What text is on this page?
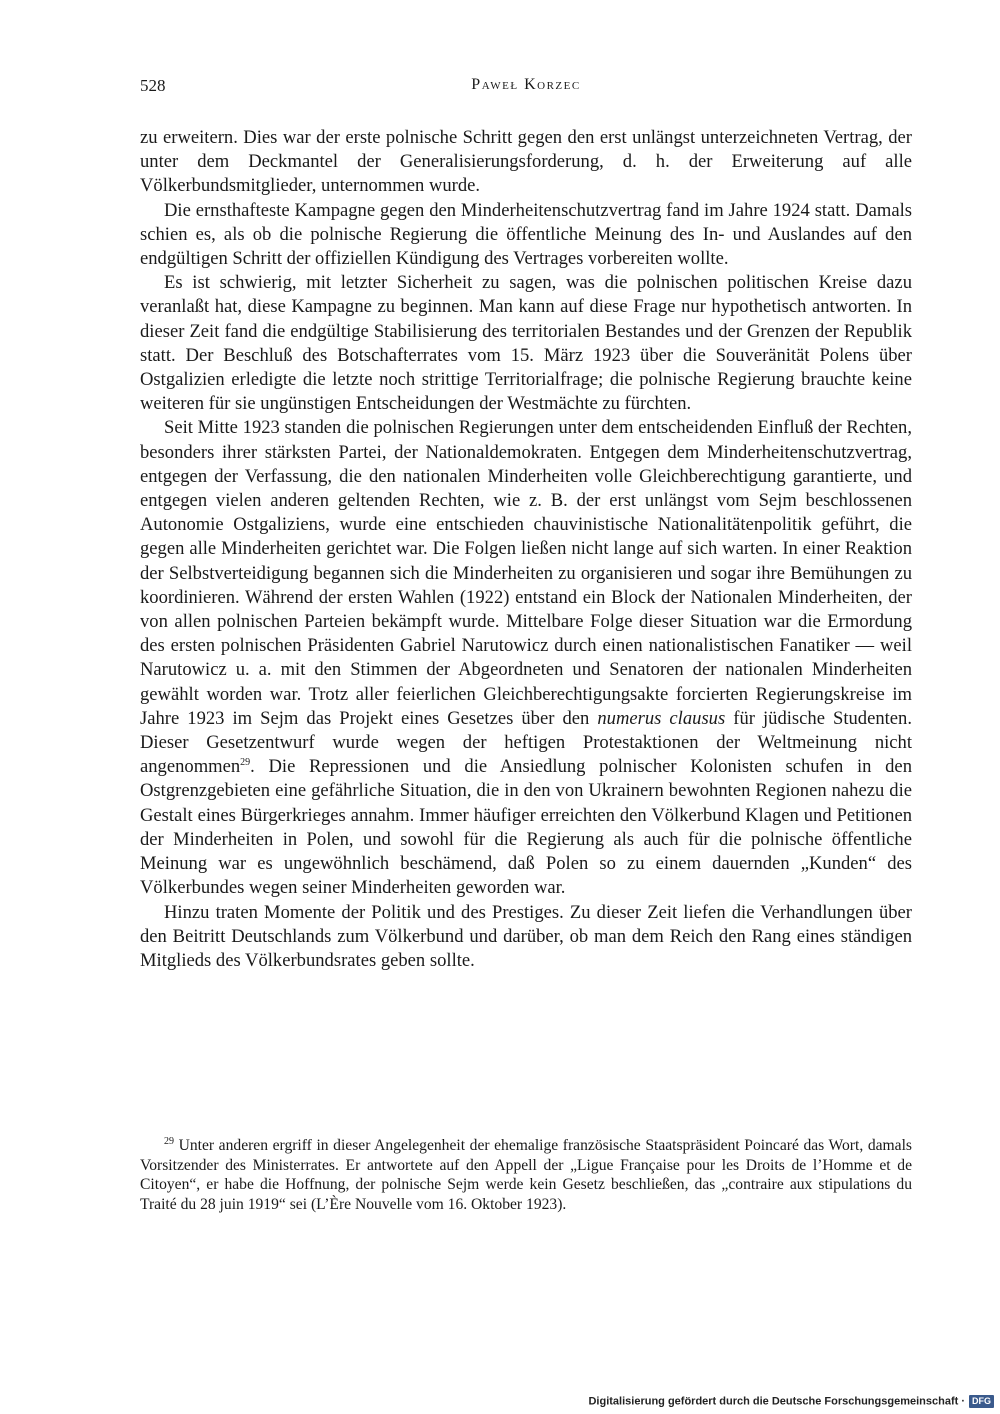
528	Paweł Korzec

zu erweitern. Dies war der erste polnische Schritt gegen den erst unlängst unterzeichneten Vertrag, der unter dem Deckmantel der Generalisierungsforderung, d. h. der Erweiterung auf alle Völkerbundsmitglieder, unternommen wurde.

Die ernsthafteste Kampagne gegen den Minderheitenschutzvertrag fand im Jahre 1924 statt. Damals schien es, als ob die polnische Regierung die öffentliche Meinung des In- und Auslandes auf den endgültigen Schritt der offiziellen Kündigung des Vertrages vorbereiten wollte.

Es ist schwierig, mit letzter Sicherheit zu sagen, was die polnischen politischen Kreise dazu veranlaßt hat, diese Kampagne zu beginnen. Man kann auf diese Frage nur hypothetisch antworten. In dieser Zeit fand die endgültige Stabilisierung des territorialen Bestandes und der Grenzen der Republik statt. Der Beschluß des Botschafterrates vom 15. März 1923 über die Souveränität Polens über Ostgalizien erledigte die letzte noch strittige Territorialfrage; die polnische Regierung brauchte keine weiteren für sie ungünstigen Entscheidungen der Westmächte zu fürchten.

Seit Mitte 1923 standen die polnischen Regierungen unter dem entscheidenden Einfluß der Rechten, besonders ihrer stärksten Partei, der Nationaldemokraten. Entgegen dem Minderheitenschutzvertrag, entgegen der Verfassung, die den nationalen Minderheiten volle Gleichberechtigung garantierte, und entgegen vielen anderen geltenden Rechten, wie z. B. der erst unlängst vom Sejm beschlossenen Autonomie Ostgaliziens, wurde eine entschieden chauvinistische Nationalitätenpolitik geführt, die gegen alle Minderheiten gerichtet war. Die Folgen ließen nicht lange auf sich warten. In einer Reaktion der Selbstverteidigung begannen sich die Minderheiten zu organisieren und sogar ihre Bemühungen zu koordinieren. Während der ersten Wahlen (1922) entstand ein Block der Nationalen Minderheiten, der von allen polnischen Parteien bekämpft wurde. Mittelbare Folge dieser Situation war die Ermordung des ersten polnischen Präsidenten Gabriel Narutowicz durch einen nationalistischen Fanatiker — weil Narutowicz u. a. mit den Stimmen der Abgeordneten und Senatoren der nationalen Minderheiten gewählt worden war. Trotz aller feierlichen Gleichberechtigungsakte forcierten Regierungskreise im Jahre 1923 im Sejm das Projekt eines Gesetzes über den numerus clausus für jüdische Studenten. Dieser Gesetzentwurf wurde wegen der heftigen Protestaktionen der Weltmeinung nicht angenommen$^{29}$. Die Repressionen und die Ansiedlung polnischer Kolonisten schufen in den Ostgrenzgebieten eine gefährliche Situation, die in den von Ukrainern bewohnten Regionen nahezu die Gestalt eines Bürgerkrieges annahm. Immer häufiger erreichten den Völkerbund Klagen und Petitionen der Minderheiten in Polen, und sowohl für die Regierung als auch für die polnische öffentliche Meinung war es ungewöhnlich beschämend, daß Polen so zu einem dauernden „Kunden“ des Völkerbundes wegen seiner Minderheiten geworden war.

Hinzu traten Momente der Politik und des Prestiges. Zu dieser Zeit liefen die Verhandlungen über den Beitritt Deutschlands zum Völkerbund und darüber, ob man dem Reich den Rang eines ständigen Mitglieds des Völkerbundsrates geben sollte.

$^{29}$ Unter anderen ergriff in dieser Angelegenheit der ehemalige französische Staatspräsident Poincaré das Wort, damals Vorsitzender des Ministerrates. Er antwortete auf den Appell der „Ligue Française pour les Droits de l’Homme et de Citoyen“, er habe die Hoffnung, der polnische Sejm werde kein Gesetz beschließen, das „contraire aux stipulations du Traité du 28 juin 1919“ sei (L’Ère Nouvelle vom 16. Oktober 1923).

Digitalisierung gefördert durch die Deutsche Forschungsgemeinschaft · DFG
